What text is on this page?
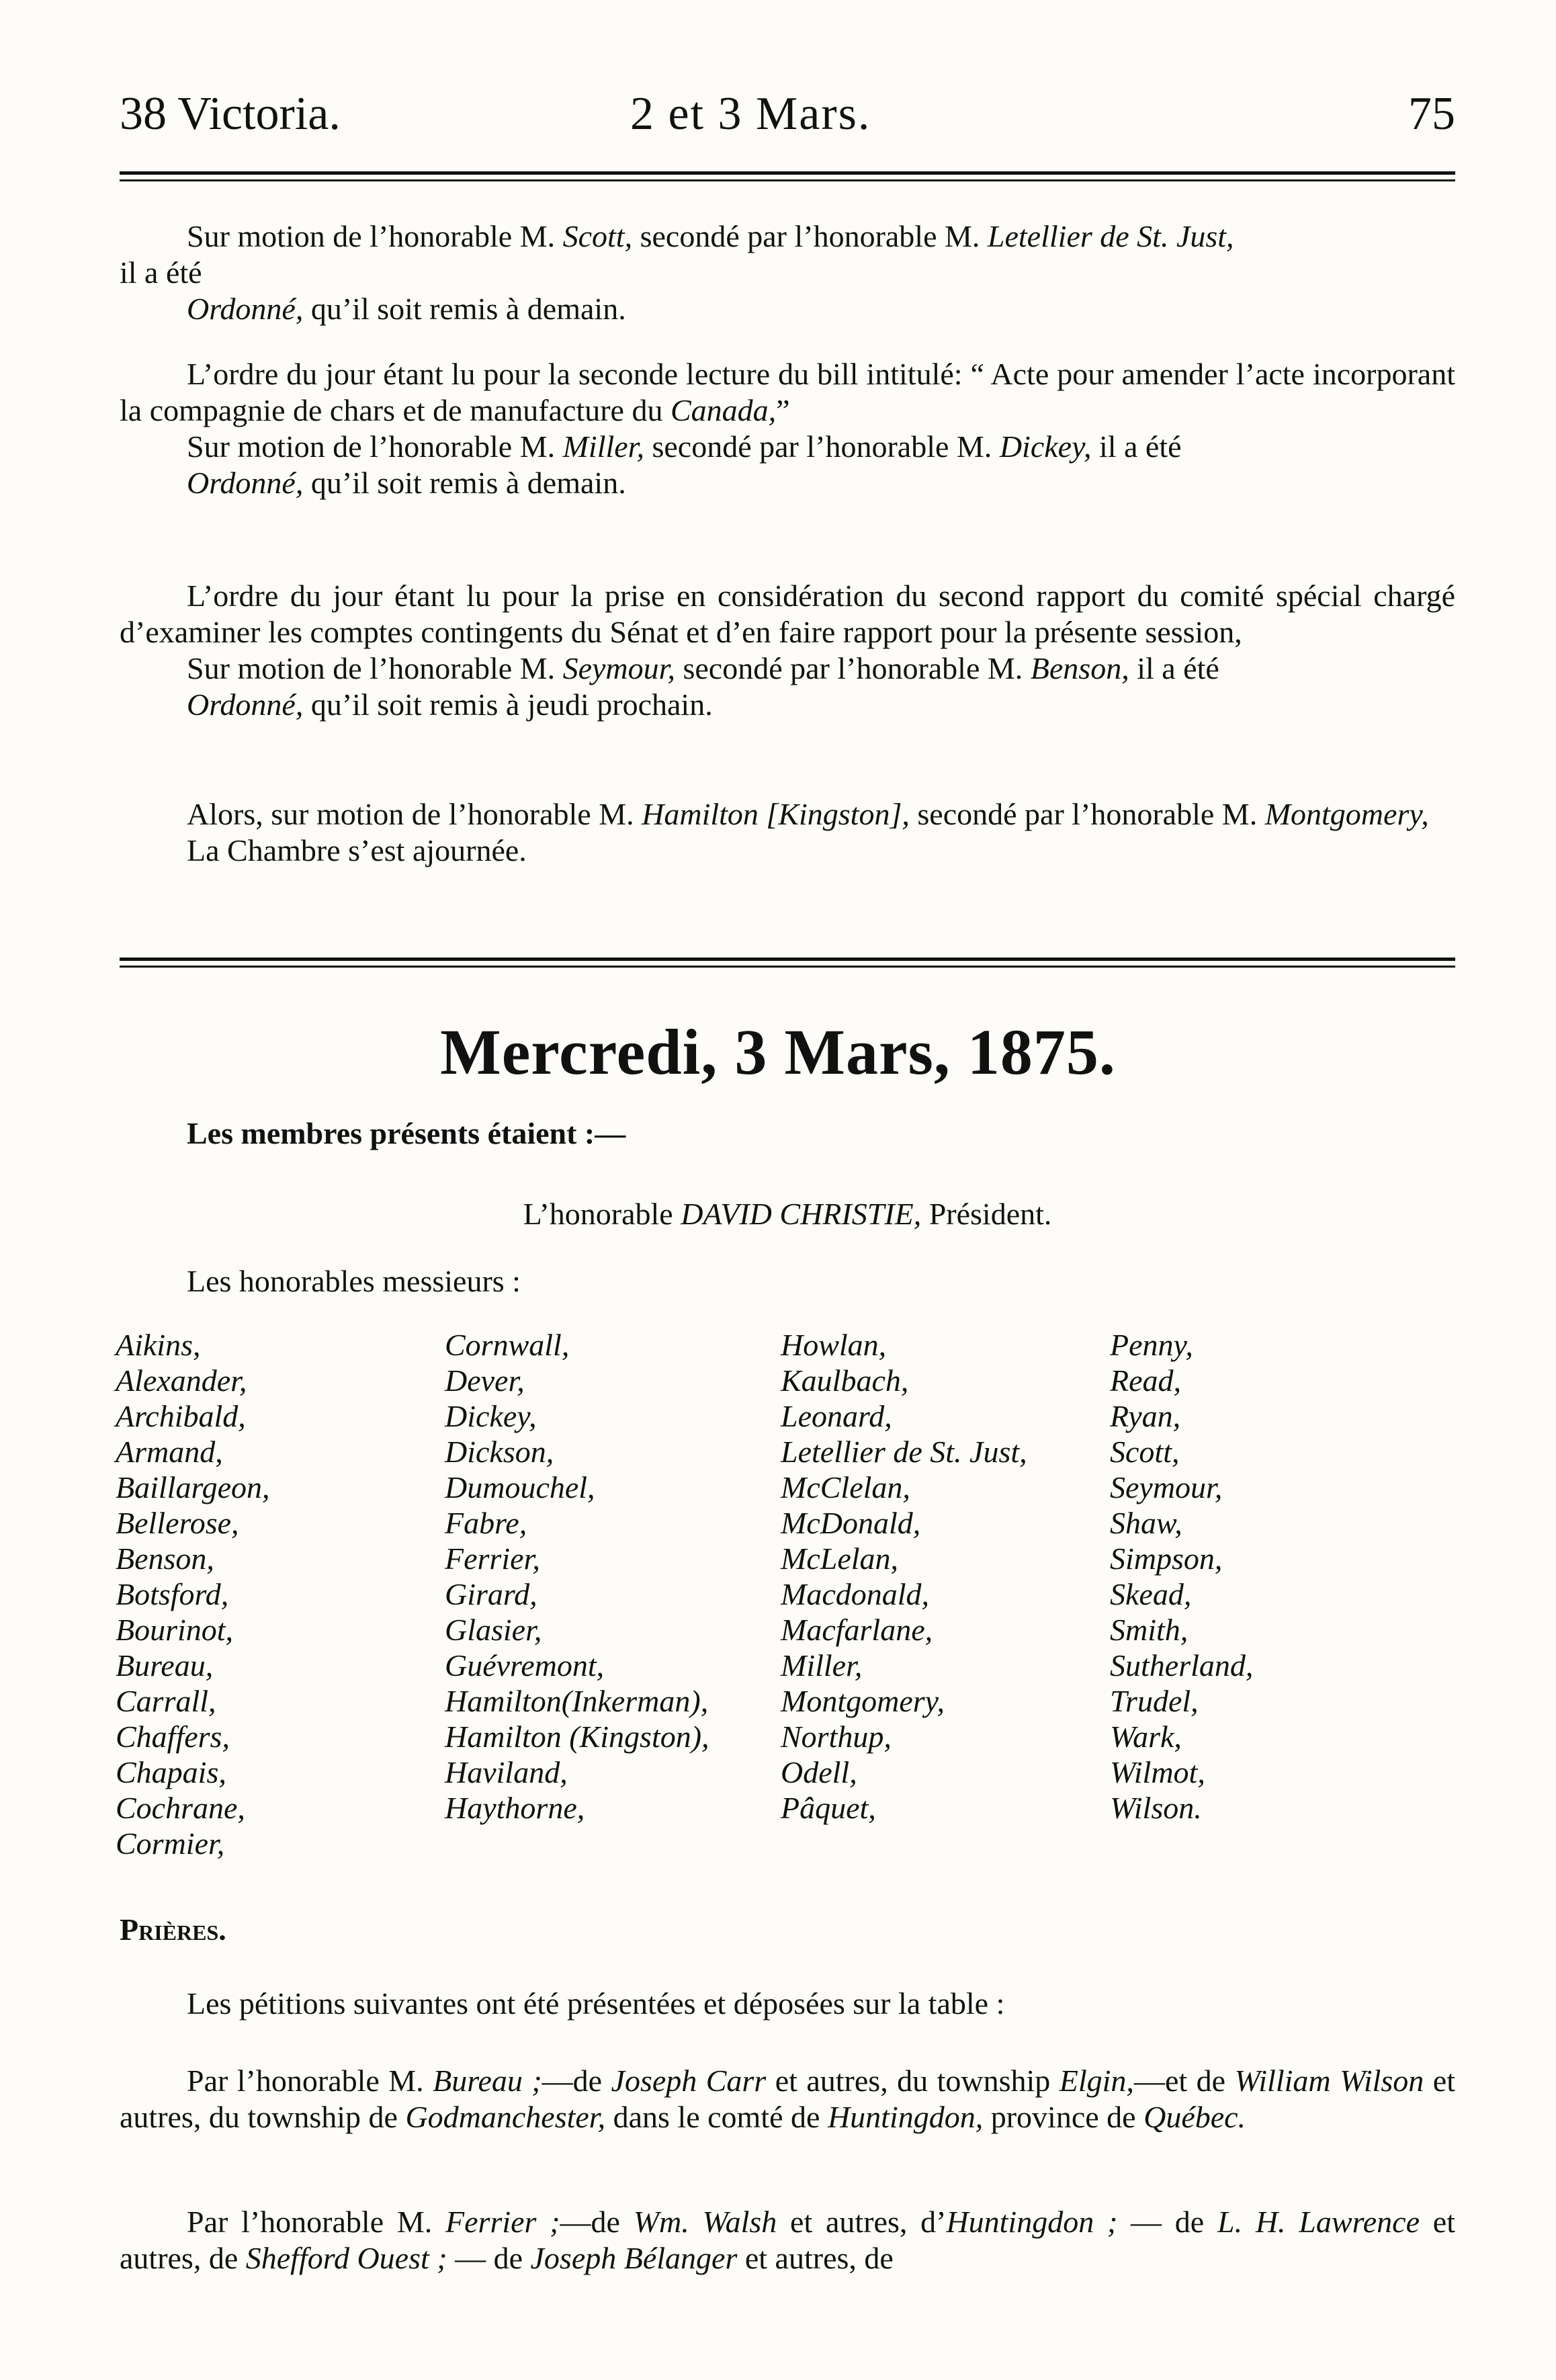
38 Victoria.	2 et 3 Mars.	75

Sur motion de l’honorable M. Scott, secondé par l’honorable M. Letellier de St. Just,

il a été

Ordonné, qu’il soit remis à demain.

L’ordre du jour étant lu pour la seconde lecture du bill intitulé: “ Acte pour amender l’acte incorporant la compagnie de chars et de manufacture du Canada,”

Sur motion de l’honorable M. Miller, secondé par l’honorable M. Dickey, il a été

Ordonné, qu’il soit remis à demain.

L’ordre du jour étant lu pour la prise en considération du second rapport du comité spécial chargé d’examiner les comptes contingents du Sénat et d’en faire rapport pour la présente session,

Sur motion de l’honorable M. Seymour, secondé par l’honorable M. Benson, il a été

Ordonné, qu’il soit remis à jeudi prochain.

Alors, sur motion de l’honorable M. Hamilton [Kingston], secondé par l’honorable M. Montgomery,

La Chambre s’est ajournée.

Mercredi, 3 Mars, 1875.

Les membres présents étaient :—

L’honorable DAVID CHRISTIE, Président.

Les honorables messieurs :

Aikins,
Alexander,
Archibald,
Armand,
Baillargeon,
Bellerose,
Benson,
Botsford,
Bourinot,
Bureau,
Carrall,
Chaffers,
Chapais,
Cochrane,
Cormier,
Cornwall,
Dever,
Dickey,
Dickson,
Dumouchel,
Fabre,
Ferrier,
Girard,
Glasier,
Guévremont,
Hamilton(Inkerman),
Hamilton (Kingston),
Haviland,
Haythorne,
Howlan,
Kaulbach,
Leonard,
Letellier de St. Just,
McClelan,
McDonald,
McLelan,
Macdonald,
Macfarlane,
Miller,
Montgomery,
Northup,
Odell,
Pâquet,
Penny,
Read,
Ryan,
Scott,
Seymour,
Shaw,
Simpson,
Skead,
Smith,
Sutherland,
Trudel,
Wark,
Wilmot,
Wilson.

Prières.

Les pétitions suivantes ont été présentées et déposées sur la table :

Par l’honorable M. Bureau ;—de Joseph Carr et autres, du township Elgin,—et de William Wilson et autres, du township de Godmanchester, dans le comté de Huntingdon, province de Québec.

Par l’honorable M. Ferrier ;—de Wm. Walsh et autres, d’Huntingdon ; — de L. H. Lawrence et autres, de Shefford Ouest ; — de Joseph Bélanger et autres, de
